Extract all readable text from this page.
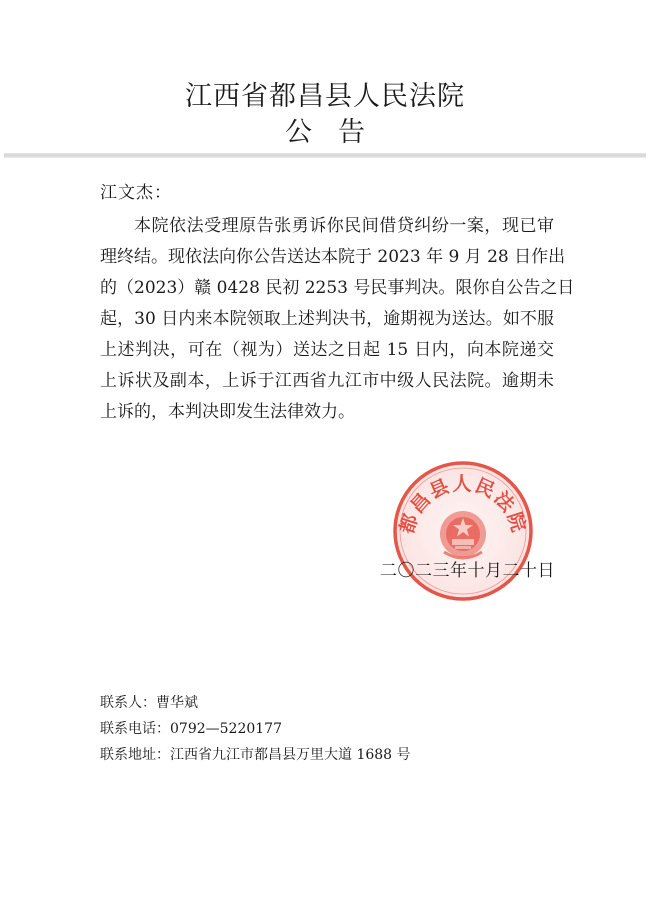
江西省都昌县人民法院
公告
江文杰：
本院依法受理原告张勇诉你民间借贷纠纷一案，现已审
理终结。现依法向你公告送达本院于 2023 年 9 月 28 日作出
的（2023）赣 0428 民初 2253 号民事判决。限你自公告之日
起，30 日内来本院领取上述判决书，逾期视为送达。如不服
上述判决，可在（视为）送达之日起 15 日内，向本院递交
上诉状及副本，上诉于江西省九江市中级人民法院。逾期未
上诉的，本判决即发生法律效力。
都昌县人民法院
二〇二三年十月二十日
联系人：曹华斌
联系电话：0792—5220177
联系地址：江西省九江市都昌县万里大道 1688 号
